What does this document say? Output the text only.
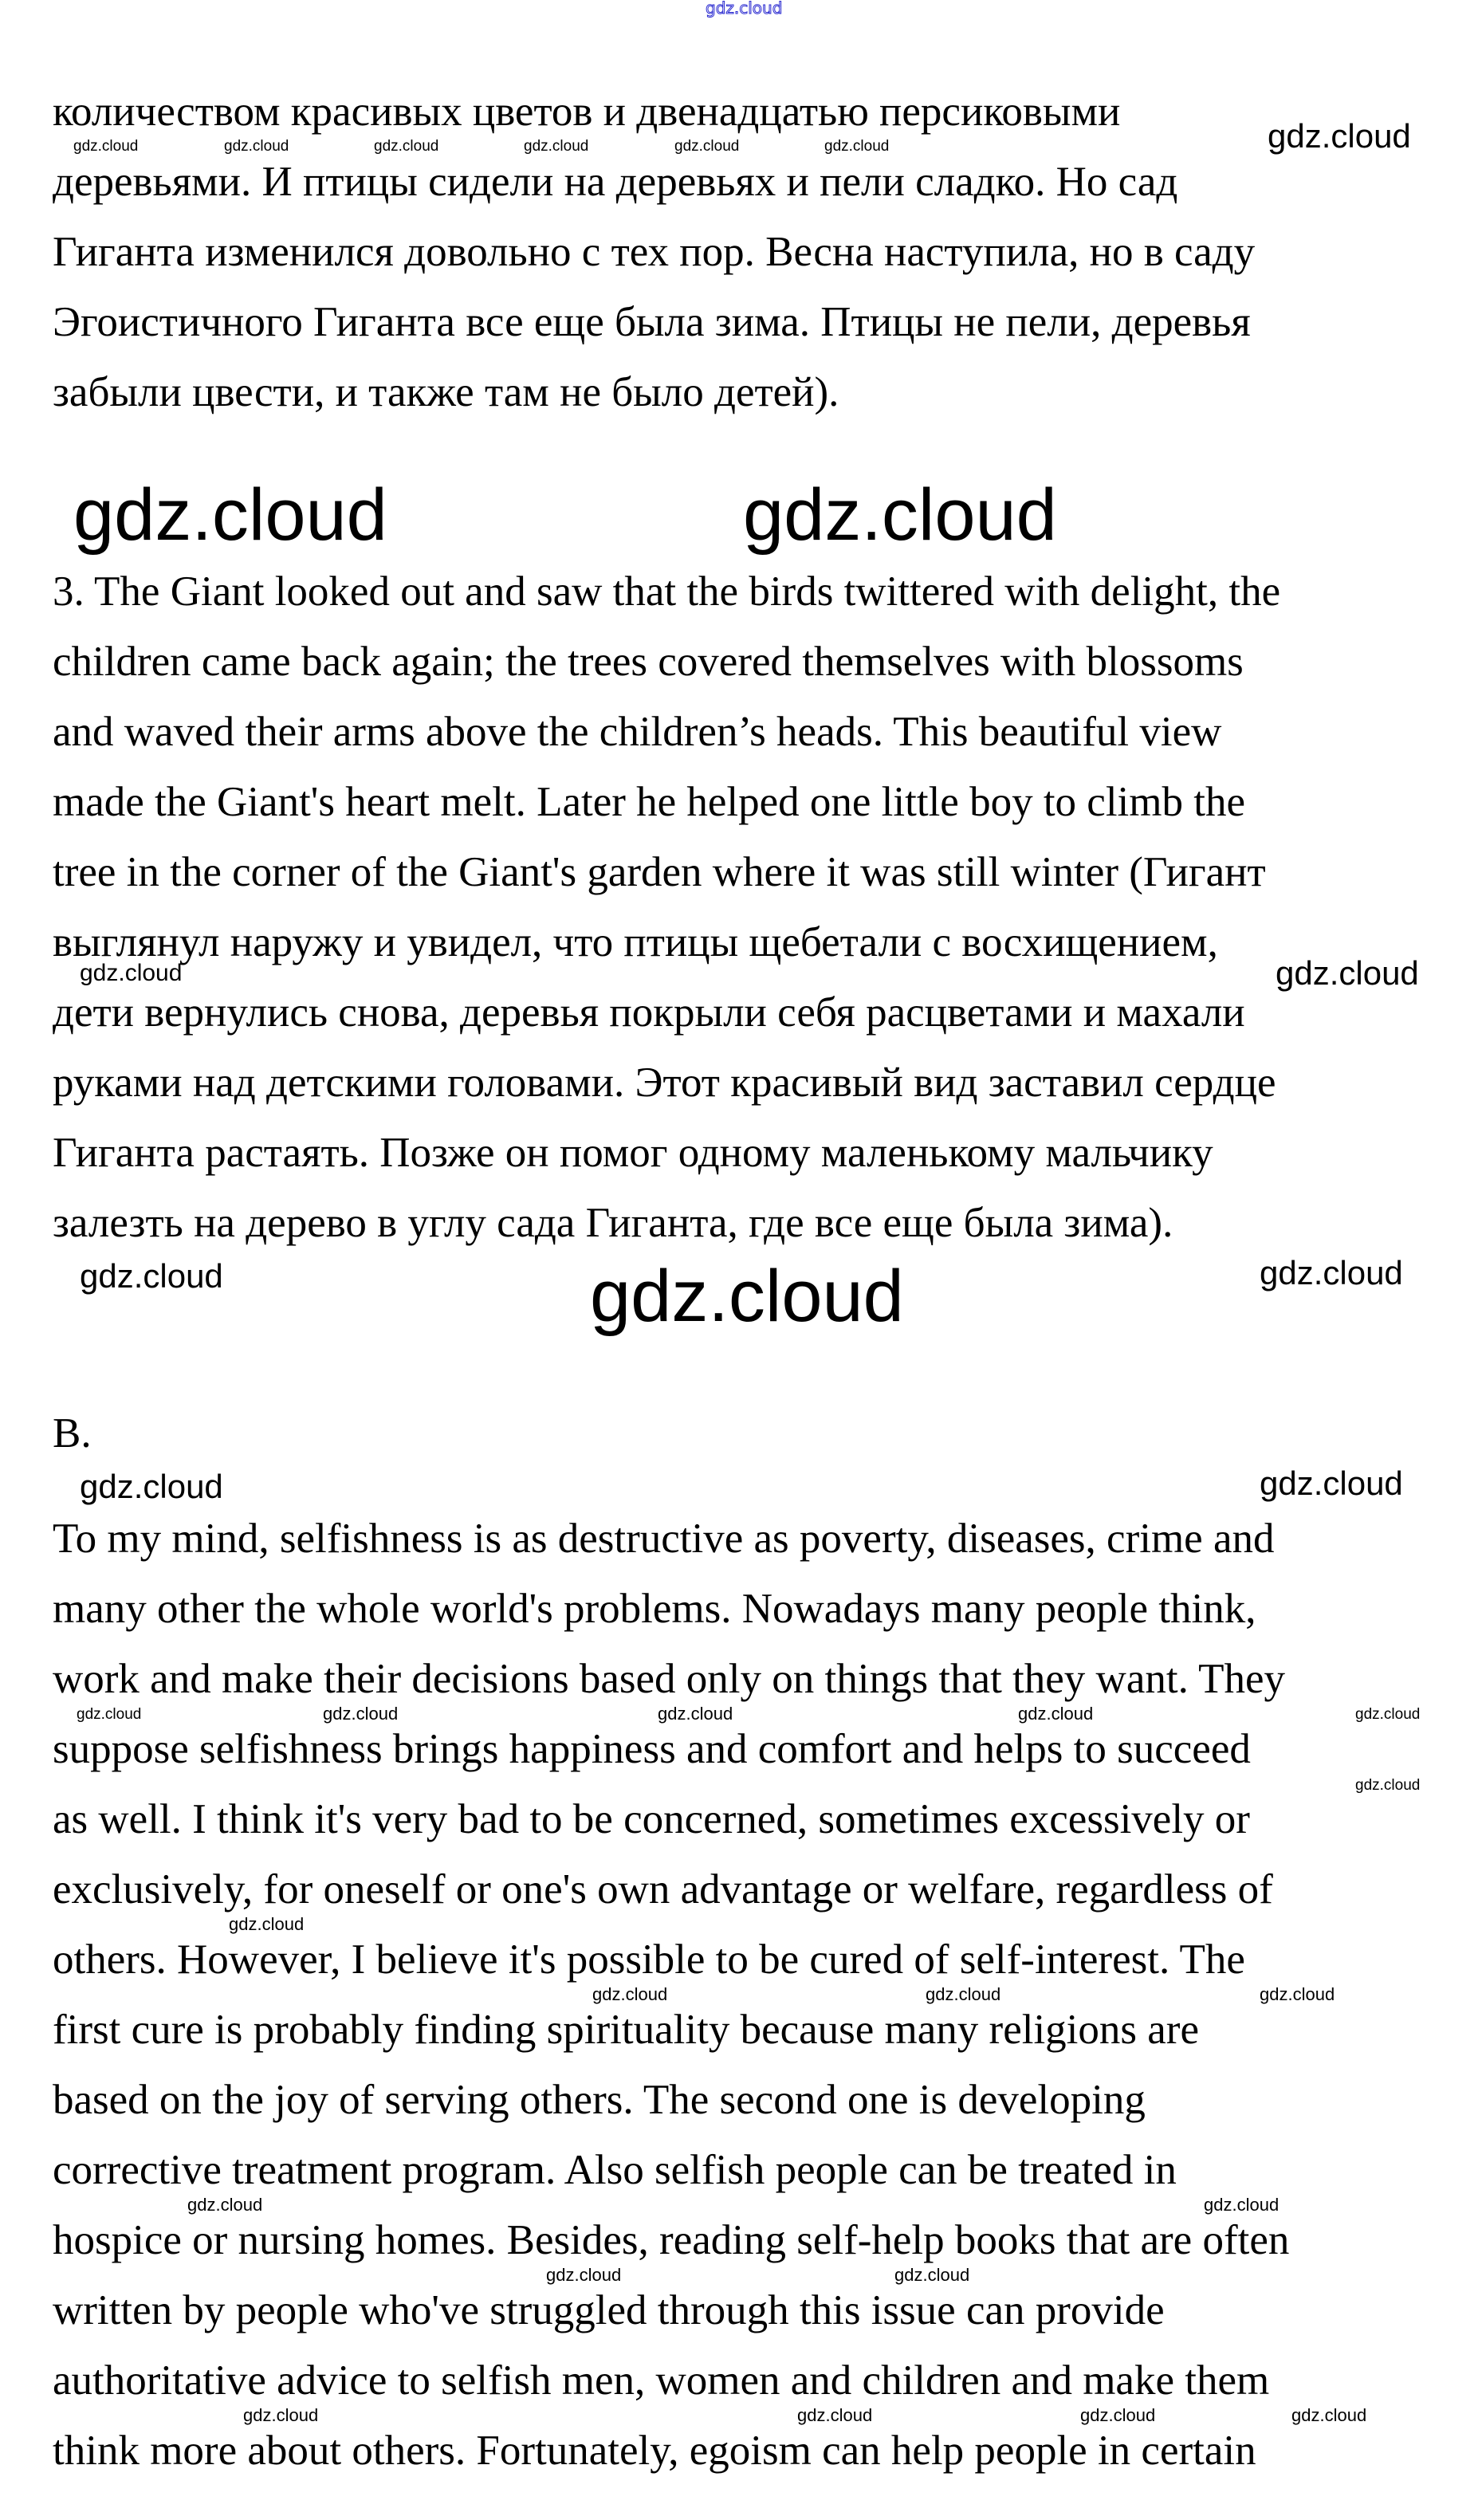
gdz.cloud
количеством красивых цветов и двенадцатью персиковыми
деревьями. И птицы сидели на деревьях и пели сладко. Но сад
Гиганта изменился довольно с тех пор. Весна наступила, но в саду
Эгоистичного Гиганта все еще была зима. Птицы не пели, деревья
забыли цвести, и также там не было детей).
3. The Giant looked out and saw that the birds twittered with delight, the
children came back again; the trees covered themselves with blossoms
and waved their arms above the children’s heads. This beautiful view
made the Giant's heart melt. Later he helped one little boy to climb the
tree in the corner of the Giant's garden where it was still winter (Гигант
выглянул наружу и увидел, что птицы щебетали с восхищением,
дети вернулись снова, деревья покрыли себя расцветами и махали
руками над детскими головами. Этот красивый вид заставил сердце
Гиганта растаять. Позже он помог одному маленькому мальчику
залезть на дерево в углу сада Гиганта, где все еще была зима).
B.
To my mind, selfishness is as destructive as poverty, diseases, crime and
many other the whole world's problems. Nowadays many people think,
work and make their decisions based only on things that they want. They
suppose selfishness brings happiness and comfort and helps to succeed
as well. I think it's very bad to be concerned, sometimes excessively or
exclusively, for oneself or one's own advantage or welfare, regardless of
others. However, I believe it's possible to be cured of self-interest. The
first cure is probably finding spirituality because many religions are
based on the joy of serving others. The second one is developing
corrective treatment program. Also selfish people can be treated in
hospice or nursing homes. Besides, reading self-help books that are often
written by people who've struggled through this issue can provide
authoritative advice to selfish men, women and children and make them
think more about others. Fortunately, egoism can help people in certain
gdz.cloud	gdz.cloud	gdz.cloud	gdz.cloud	gdz.cloud	gdz.cloud	gdz.cloud
gdz.cloud	gdz.cloud
gdz.cloud	gdz.cloud
gdz.cloud	gdz.cloud	gdz.cloud
gdz.cloud	gdz.cloud
gdz.cloud	gdz.cloud	gdz.cloud	gdz.cloud
gdz.cloud
gdz.cloud
gdz.cloud
gdz.cloud	gdz.cloud	gdz.cloud
gdz.cloud	gdz.cloud
gdz.cloud	gdz.cloud
gdz.cloud	gdz.cloud
gdz.cloud	gdz.cloud
